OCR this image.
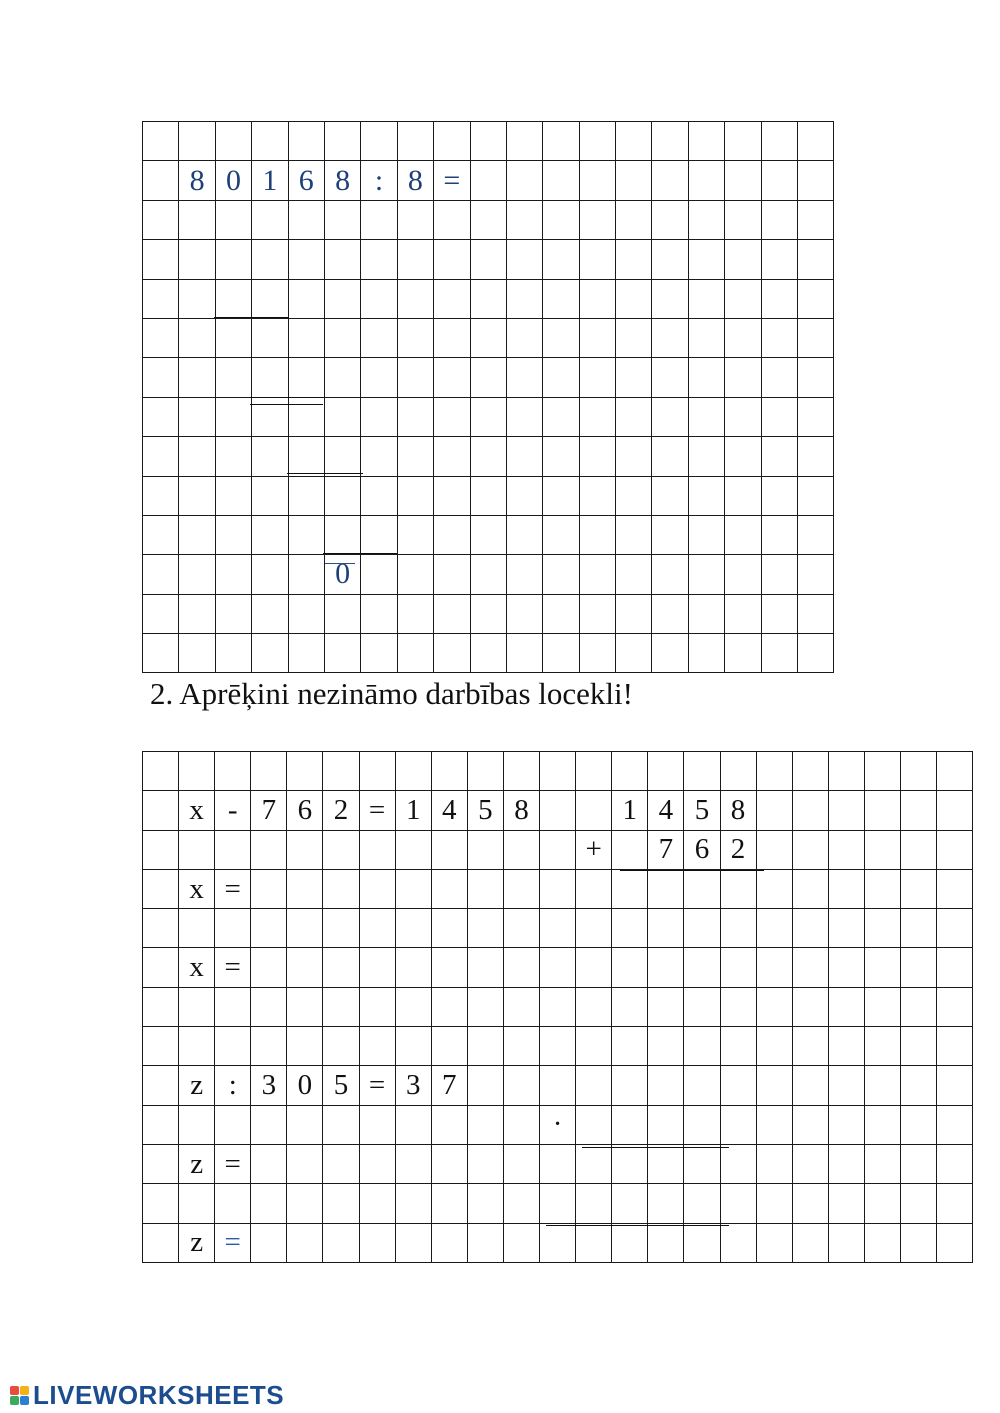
	8	0	1	6	8	:	8	=										

					0													

2. Aprēķini nezināmo darbības locekli!

	x	-	7	6	2	=	1	4	5	8			1	4	5	8						
												+		7	6	2						
	x	=																				

	x	=																				

	z	:	3	0	5	=	3	7														
											·											
	z	=																				

	z	=																				
LIVEWORKSHEETS
